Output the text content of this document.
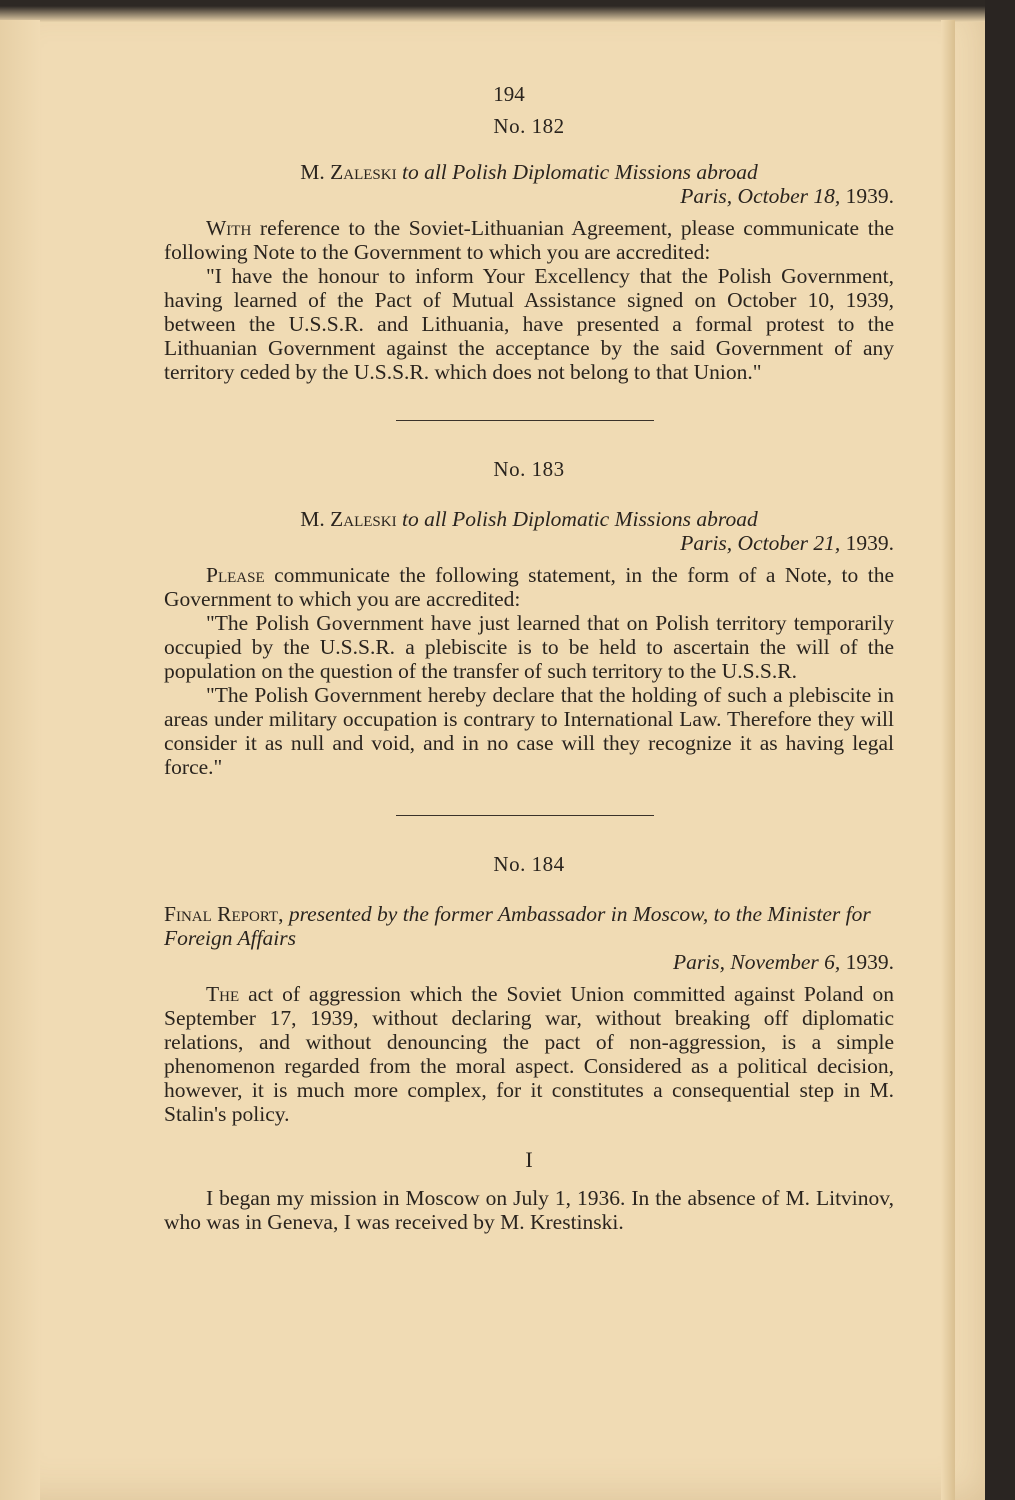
194
No. 182
M. Zaleski to all Polish Diplomatic Missions abroad
Paris, October 18, 1939.

With reference to the Soviet-Lithuanian Agreement, please communicate the following Note to the Government to which you are accredited:

"I have the honour to inform Your Excellency that the Polish Government, having learned of the Pact of Mutual Assistance signed on October 10, 1939, between the U.S.S.R. and Lithuania, have presented a formal protest to the Lithuanian Government against the acceptance by the said Government of any territory ceded by the U.S.S.R. which does not belong to that Union."

No. 183
M. Zaleski to all Polish Diplomatic Missions abroad
Paris, October 21, 1939.

Please communicate the following statement, in the form of a Note, to the Government to which you are accredited:

"The Polish Government have just learned that on Polish territory temporarily occupied by the U.S.S.R. a plebiscite is to be held to ascertain the will of the population on the question of the transfer of such territory to the U.S.S.R.

"The Polish Government hereby declare that the holding of such a plebiscite in areas under military occupation is contrary to International Law. Therefore they will consider it as null and void, and in no case will they recognize it as having legal force."

No. 184
Final Report, presented by the former Ambassador in Moscow, to the Minister for Foreign Affairs
Paris, November 6, 1939.

The act of aggression which the Soviet Union committed against Poland on September 17, 1939, without declaring war, without breaking off diplomatic relations, and without denouncing the pact of non-aggression, is a simple phenomenon regarded from the moral aspect. Considered as a political decision, however, it is much more complex, for it constitutes a consequential step in M. Stalin's policy.

I

I began my mission in Moscow on July 1, 1936. In the absence of M. Litvinov, who was in Geneva, I was received by M. Krestinski.
